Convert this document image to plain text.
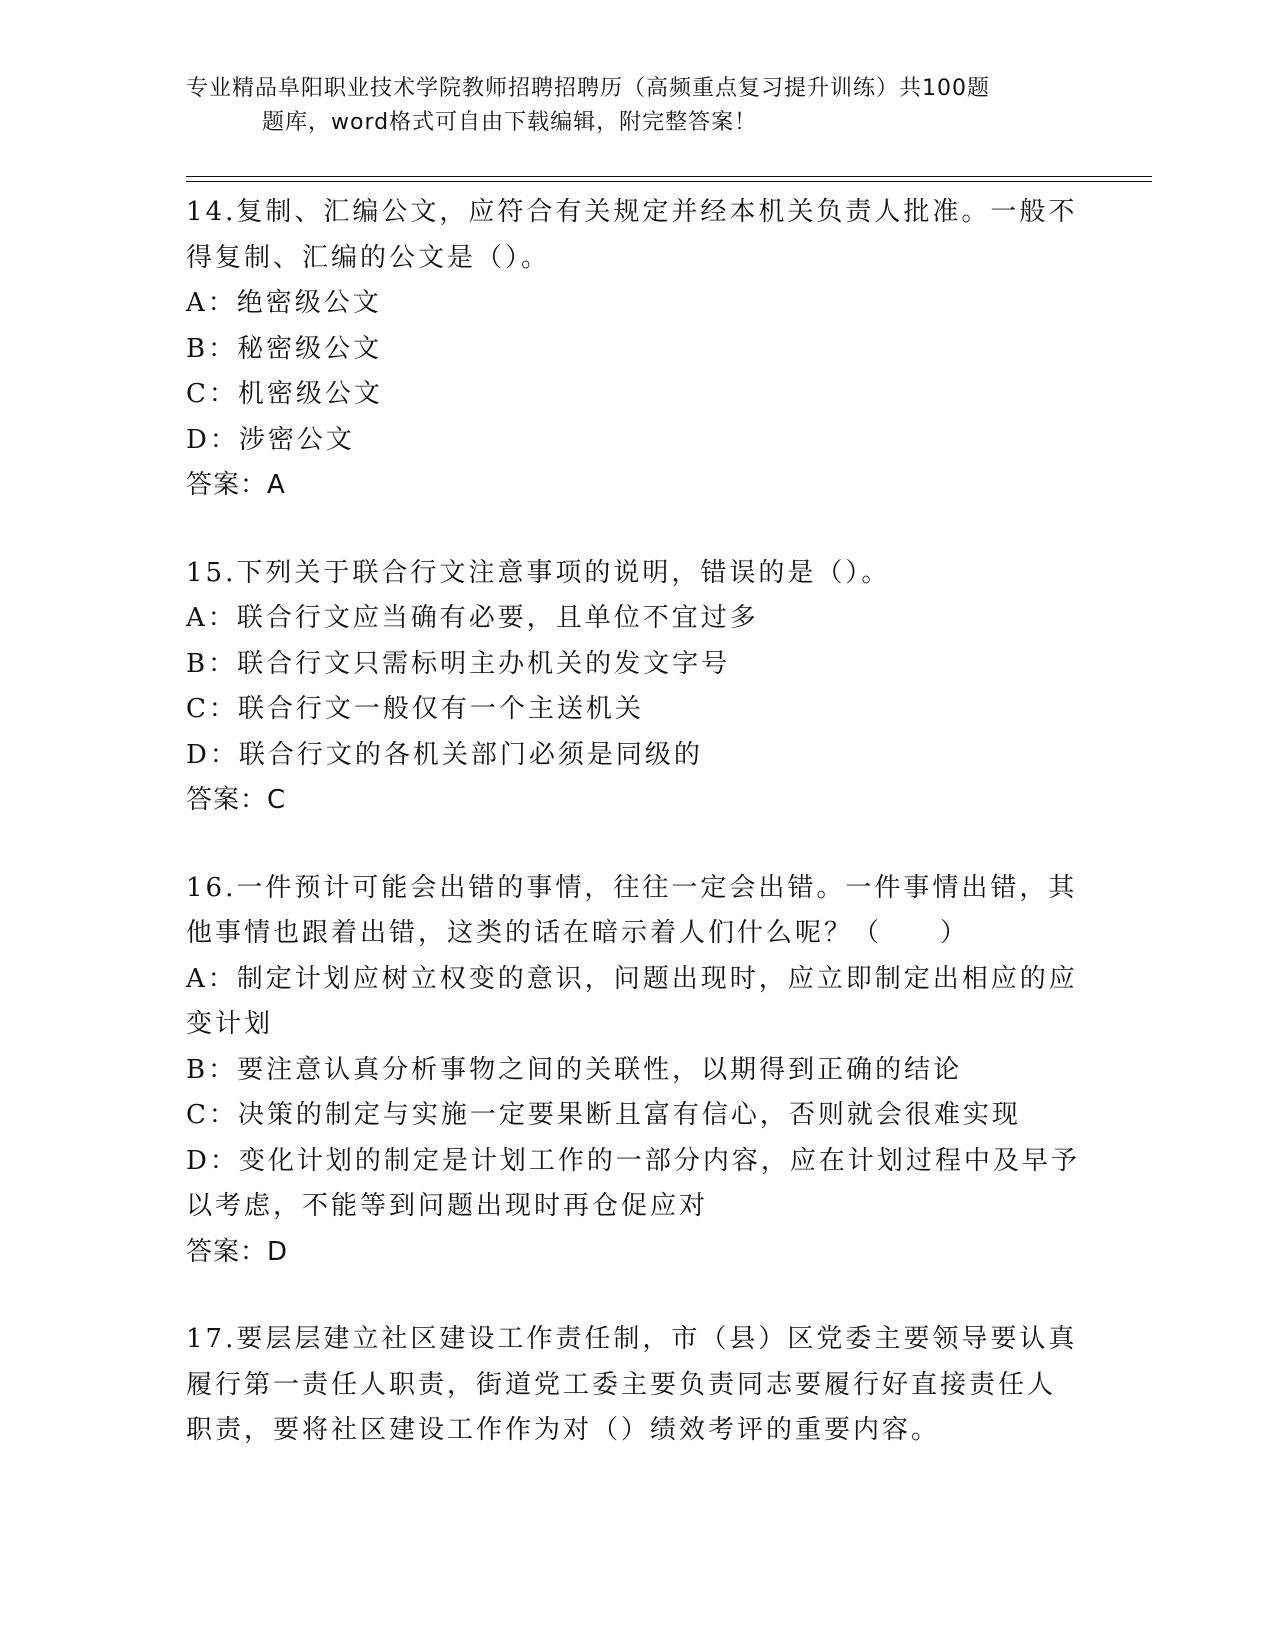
专业精品阜阳职业技术学院教师招聘招聘历（高频重点复习提升训练）共100题
题库，word格式可自由下载编辑，附完整答案！
14.复制、汇编公文，应符合有关规定并经本机关负责人批准。一般不
得复制、汇编的公文是（）。
A：绝密级公文
B：秘密级公文
C：机密级公文
D：涉密公文
答案：A
15.下列关于联合行文注意事项的说明，错误的是（）。
A：联合行文应当确有必要，且单位不宜过多
B：联合行文只需标明主办机关的发文字号
C：联合行文一般仅有一个主送机关
D：联合行文的各机关部门必须是同级的
答案：C
16.一件预计可能会出错的事情，往往一定会出错。一件事情出错，其
他事情也跟着出错，这类的话在暗示着人们什么呢？（　　）
A：制定计划应树立权变的意识，问题出现时，应立即制定出相应的应
变计划
B：要注意认真分析事物之间的关联性，以期得到正确的结论
C：决策的制定与实施一定要果断且富有信心，否则就会很难实现
D：变化计划的制定是计划工作的一部分内容，应在计划过程中及早予
以考虑，不能等到问题出现时再仓促应对
答案：D
17.要层层建立社区建设工作责任制，市（县）区党委主要领导要认真
履行第一责任人职责，街道党工委主要负责同志要履行好直接责任人
职责，要将社区建设工作作为对（）绩效考评的重要内容。
